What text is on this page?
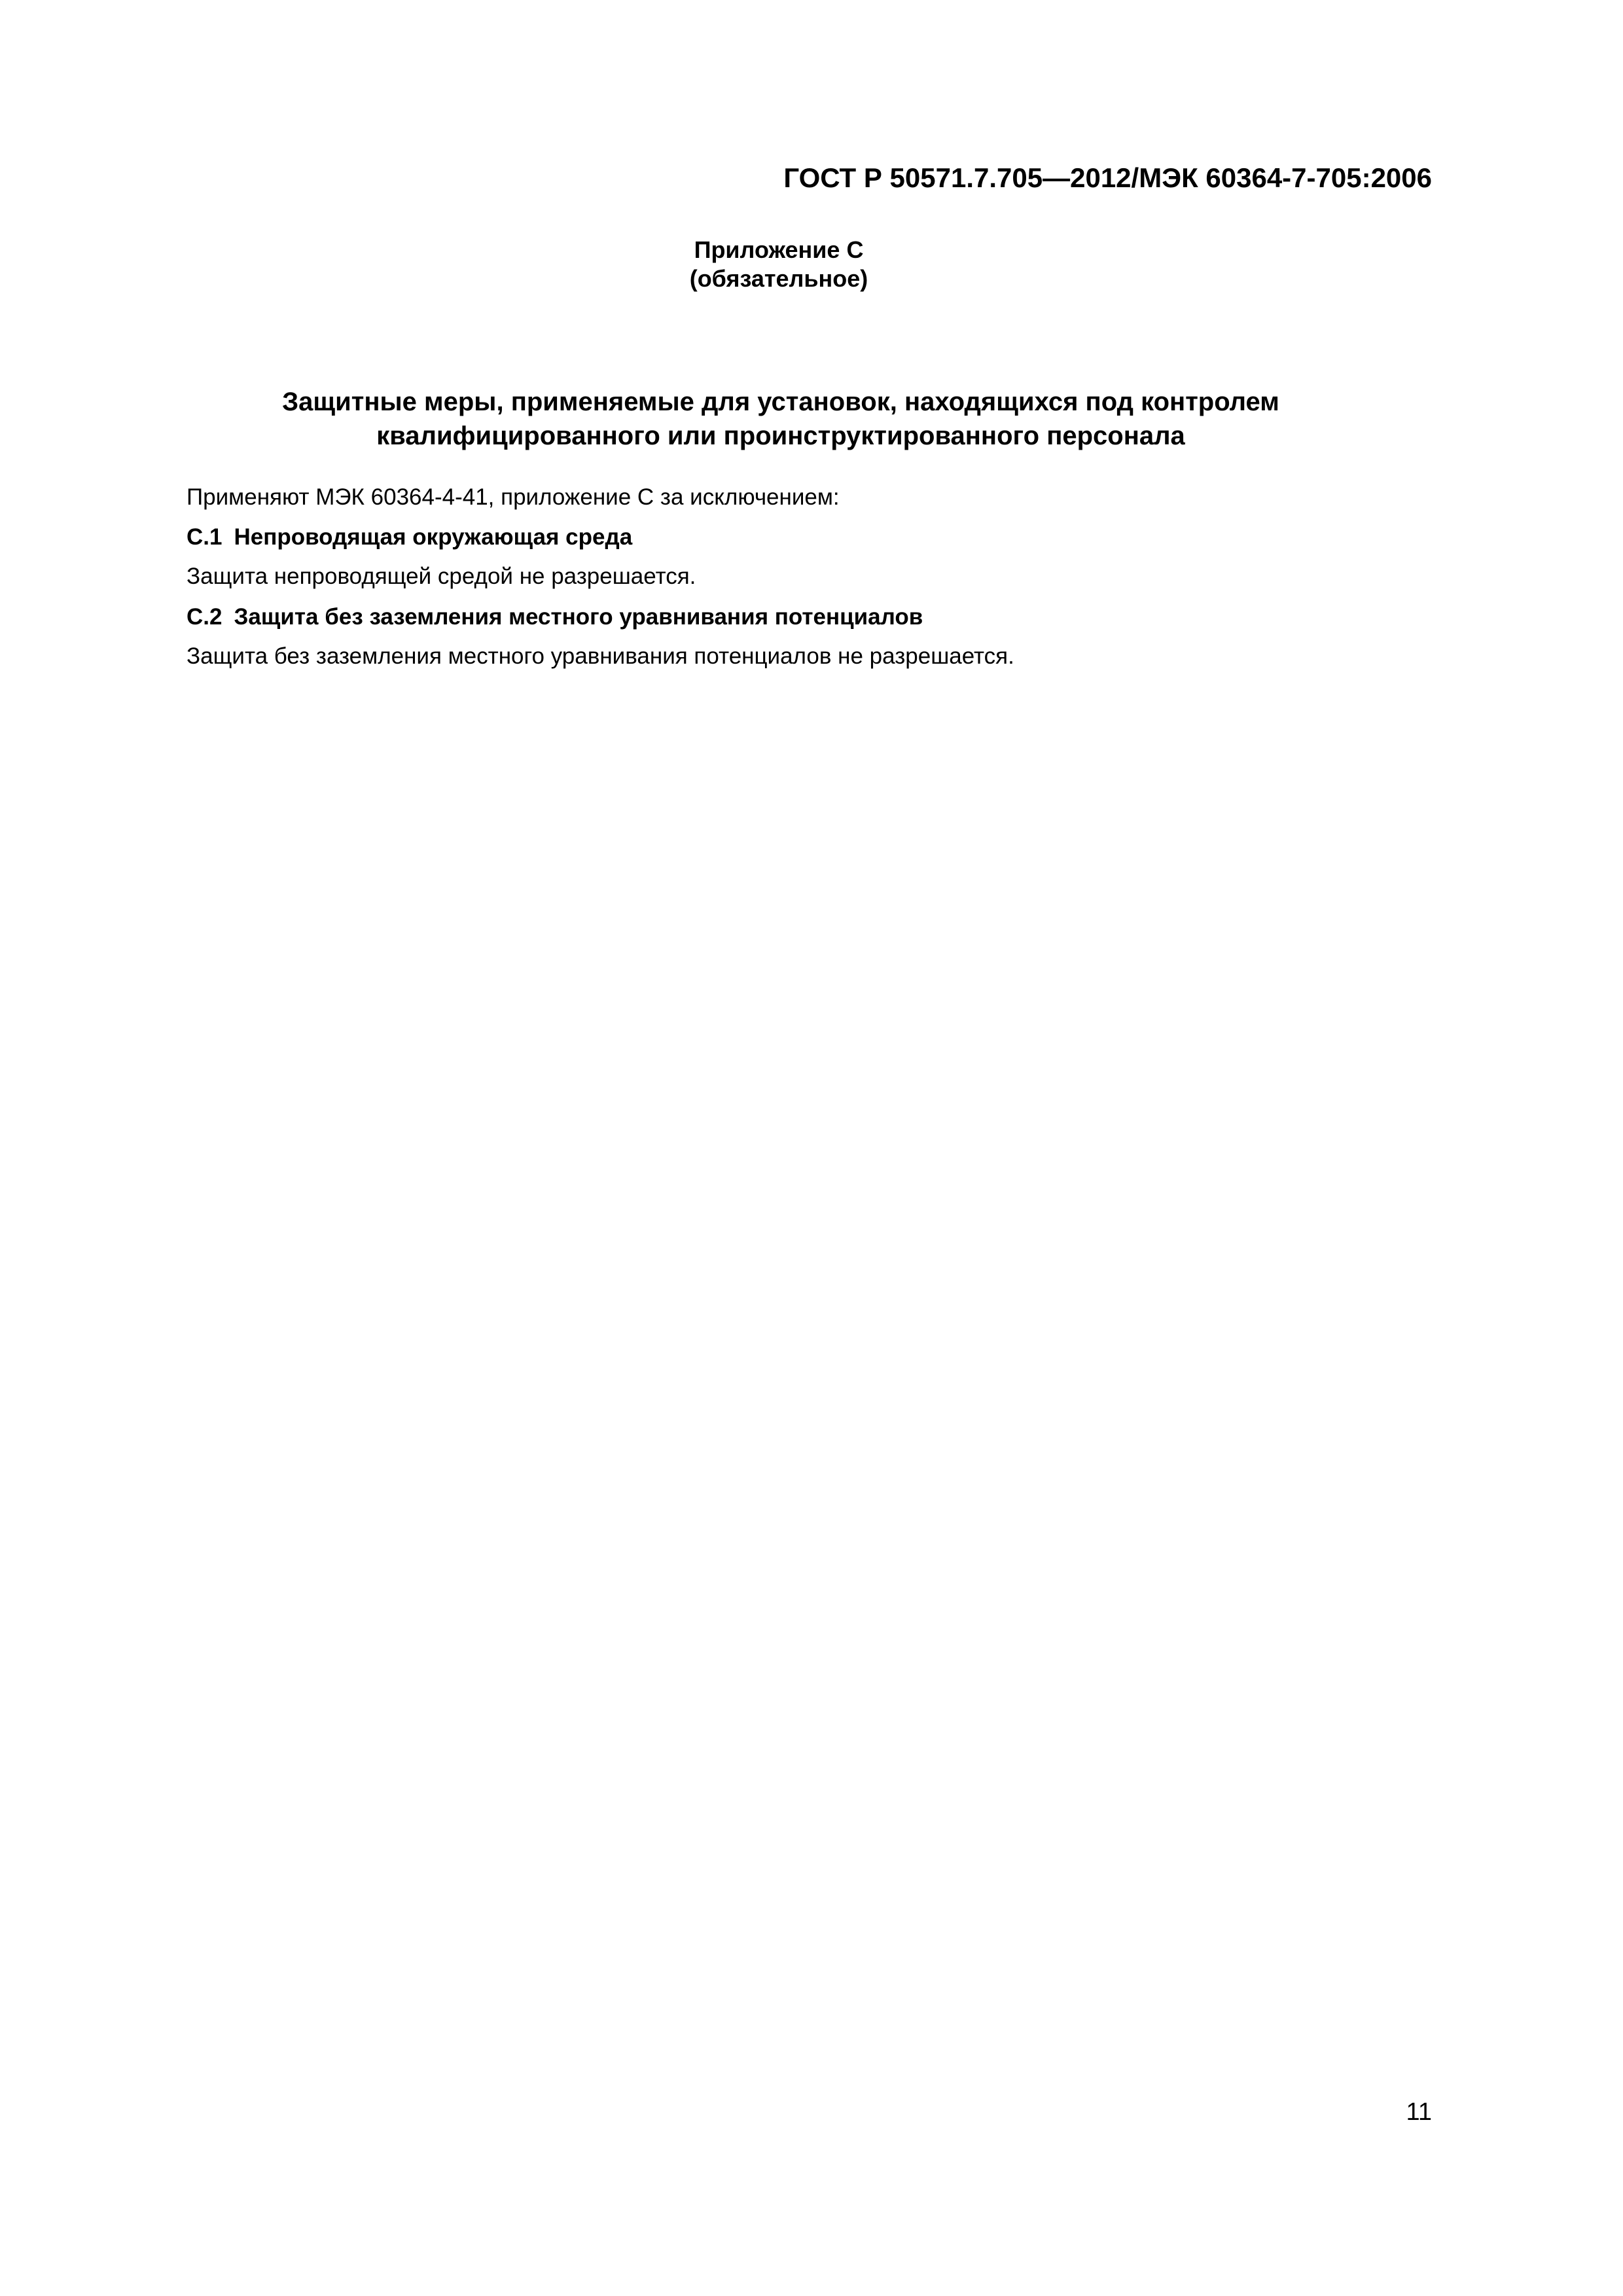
ГОСТ Р 50571.7.705—2012/МЭК 60364-7-705:2006

Приложение С

(обязательное)

Защитные меры, применяемые для установок, находящихся под контролем
квалифицированного или проинструктированного персонала

Применяют МЭК 60364-4-41, приложение С за исключением:

С.1 Непроводящая окружающая среда

Защита непроводящей средой не разрешается.

С.2 Защита без заземления местного уравнивания потенциалов

Защита без заземления местного уравнивания потенциалов не разрешается.

11
